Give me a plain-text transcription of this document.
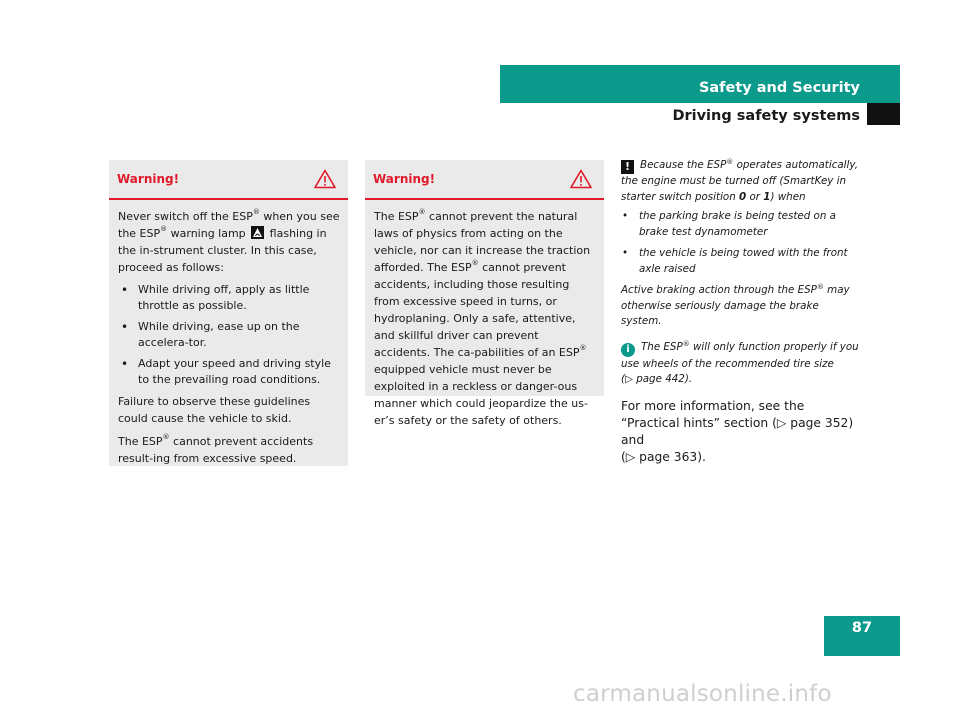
Safety and Security
Driving safety systems
Warning!

Never switch off the ESP® when you see the ESP® warning lamp
flashing in the in-strument cluster. In this case, proceed as follows:

• While driving off, apply as little throttle as possible.
• While driving, ease up on the accelera-tor.
• Adapt your speed and driving style to the prevailing road conditions.

Failure to observe these guidelines could cause the vehicle to skid.

The ESP® cannot prevent accidents result-ing from excessive speed.

Warning!

The ESP® cannot prevent the natural laws of physics from acting on the vehicle, nor can it increase the traction afforded. The ESP® cannot prevent accidents, including those resulting from excessive speed in turns, or hydroplaning. Only a safe, attentive, and skillful driver can prevent accidents. The ca-pabilities of an ESP® equipped vehicle must never be exploited in a reckless or danger-ous manner which could jeopardize the us-er’s safety or the safety of others.

! Because the ESP® operates automatically, the engine must be turned off (SmartKey in starter switch position 0 or 1) when

• the parking brake is being tested on a brake test dynamometer
• the vehicle is being towed with the front axle raised

Active braking action through the ESP® may otherwise seriously damage the brake system.

i The ESP® will only function properly if you use wheels of the recommended tire size
(▷ page 442).

For more information, see the “Practical hints” section (▷ page 352) and
(▷ page 363).
87
carmanualsonline.info
